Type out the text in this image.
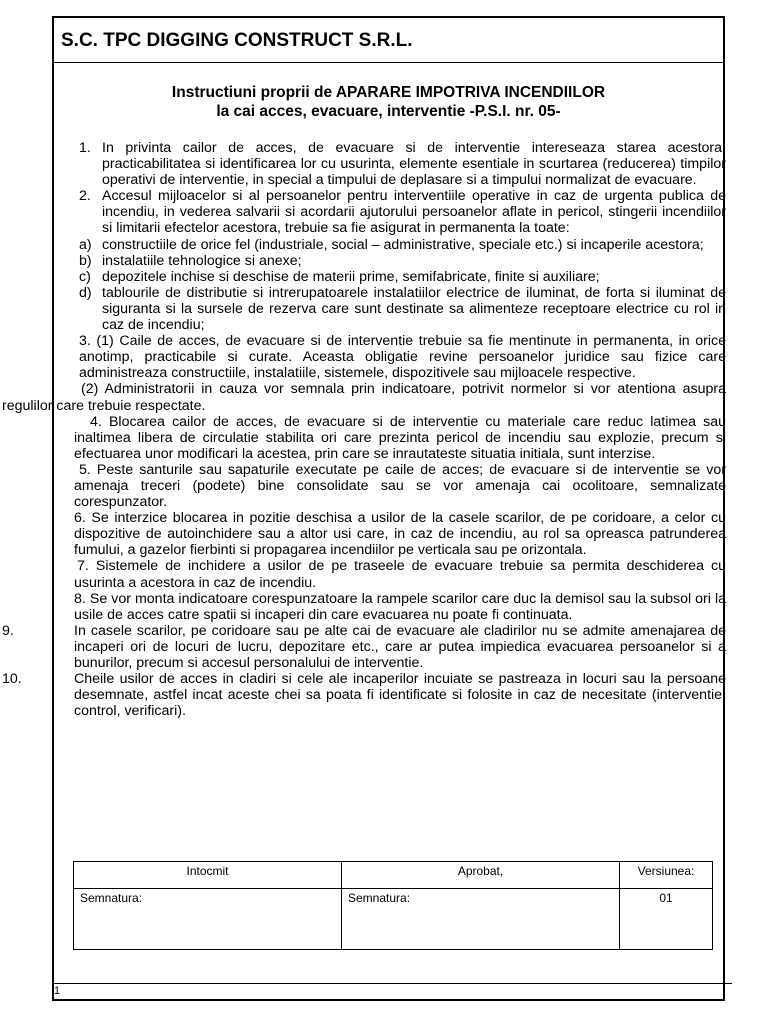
S.C. TPC DIGGING CONSTRUCT S.R.L.
Instructiuni proprii de APARARE IMPOTRIVA INCENDIILOR
la cai acces, evacuare, interventie -P.S.I. nr. 05-
1. In privinta cailor de acces, de evacuare si de interventie intereseaza starea acestora, practicabilitatea si identificarea lor cu usurinta, elemente esentiale in scurtarea (reducerea) timpilor operativi de interventie, in special a timpului de deplasare si a timpului normalizat de evacuare.
2. Accesul mijloacelor si al persoanelor pentru interventiile operative in caz de urgenta publica de incendiu, in vederea salvarii si acordarii ajutorului persoanelor aflate in pericol, stingerii incendiilor si limitarii efectelor acestora, trebuie sa fie asigurat in permanenta la toate:
a) constructiile de orice fel (industriale, social – administrative, speciale etc.) si incaperile acestora;
b) instalatiile tehnologice si anexe;
c) depozitele inchise si deschise de materii prime, semifabricate, finite si auxiliare;
d) tablourile de distributie si intrerupatoarele instalatiilor electrice de iluminat, de forta si iluminat de siguranta si la sursele de rezerva care sunt destinate sa alimenteze receptoare electrice cu rol in caz de incendiu;

3. (1) Caile de acces, de evacuare si de interventie trebuie sa fie mentinute in permanenta, in orice anotimp, practicabile si curate. Aceasta obligatie revine persoanelor juridice sau fizice care administreaza constructiile, instalatiile, sistemele, dispozitivele sau mijloacele respective.

(2) Administratorii in cauza vor semnala prin indicatoare, potrivit normelor si vor atentiona asupra regulilor care trebuie respectate.

4. Blocarea cailor de acces, de evacuare si de interventie cu materiale care reduc latimea sau inaltimea libera de circulatie stabilita ori care prezinta pericol de incendiu sau explozie, precum si efectuarea unor modificari la acestea, prin care se inrautateste situatia initiala, sunt interzise.

5. Peste santurile sau sapaturile executate pe caile de acces; de evacuare si de interventie se vor amenaja treceri (podete) bine consolidate sau se vor amenaja cai ocolitoare, semnalizate corespunzator.

6. Se interzice blocarea in pozitie deschisa a usilor de la casele scarilor, de pe coridoare, a celor cu dispozitive de autoinchidere sau a altor usi care, in caz de incendiu, au rol sa opreasca patrunderea fumului, a gazelor fierbinti si propagarea incendiilor pe verticala sau pe orizontala.

7. Sistemele de inchidere a usilor de pe traseele de evacuare trebuie sa permita deschiderea cu usurinta a acestora in caz de incendiu.

8. Se vor monta indicatoare corespunzatoare la rampele scarilor care duc la demisol sau la subsol ori la usile de acces catre spatii si incaperi din care evacuarea nu poate fi continuata.

9.	In casele scarilor, pe coridoare sau pe alte cai de evacuare ale cladirilor nu se admite amenajarea de incaperi ori de locuri de lucru, depozitare etc., care ar putea impiedica evacuarea persoanelor si a bunurilor, precum si accesul personalului de interventie.
10.	Cheile usilor de acces in cladiri si cele ale incaperilor incuiate se pastreaza in locuri sau la persoane desemnate, astfel incat aceste chei sa poata fi identificate si folosite in caz de necesitate (interventie, control, verificari).
Intocmit	Aprobat,	Versiunea:
Semnatura:	Semnatura:	01
1
